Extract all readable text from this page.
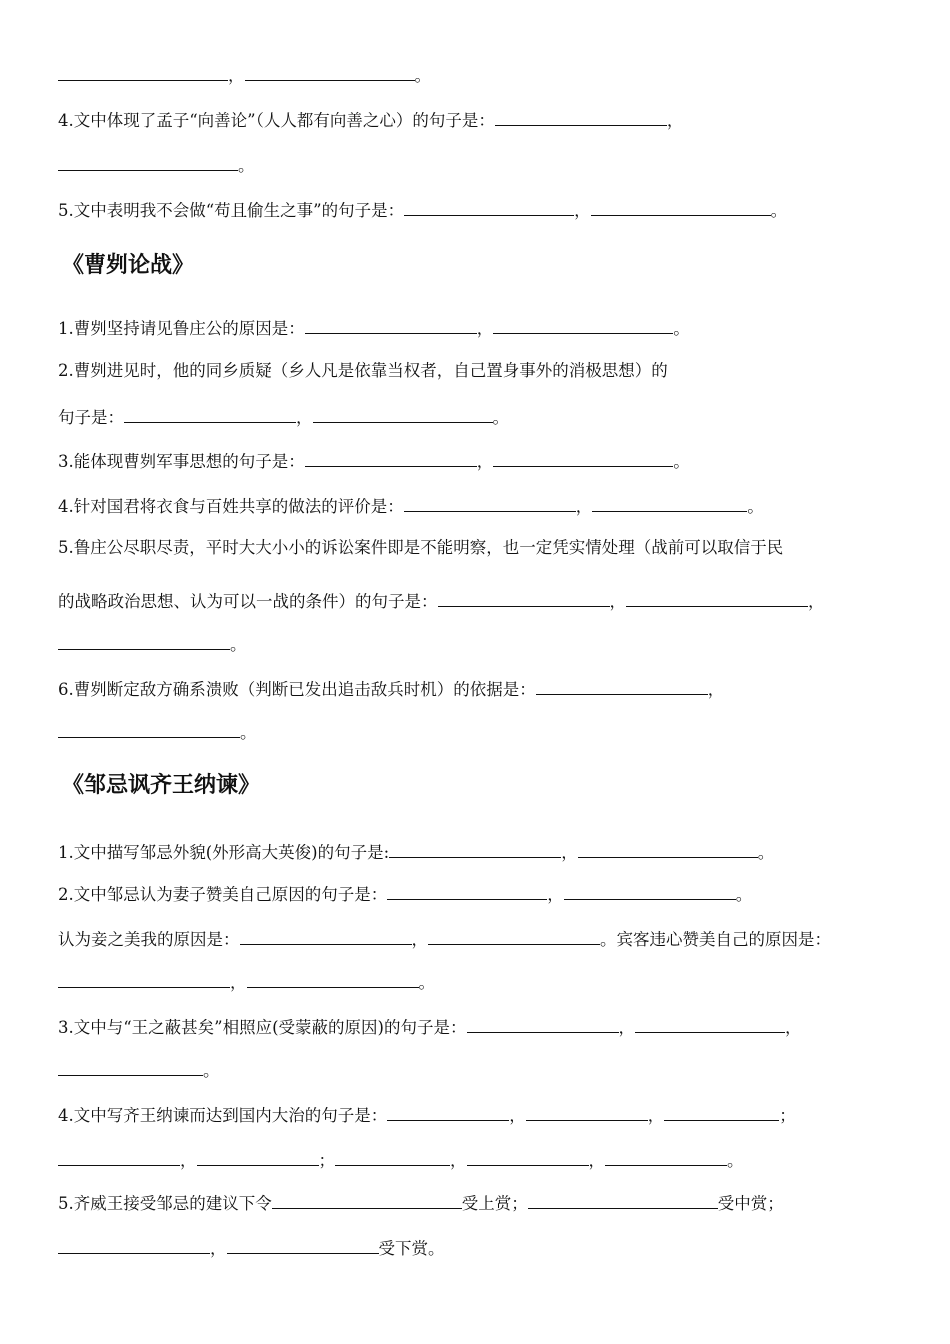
，	。
4.文中体现了孟子“向善论”（人人都有向善之心）的句子是：	，
。
5.文中表明我不会做“苟且偷生之事”的句子是：	，	。
《曹刿论战》
1.曹刿坚持请见鲁庄公的原因是：	，	。
2.曹刿进见时，他的同乡质疑（乡人凡是依靠当权者，自己置身事外的消极思想）的
句子是：	，	。
3.能体现曹刿军事思想的句子是：	，	。
4.针对国君将衣食与百姓共享的做法的评价是：	，	。
5.鲁庄公尽职尽责，平时大大小小的诉讼案件即是不能明察，也一定凭实情处理（战前可以取信于民
的战略政治思想、认为可以一战的条件）的句子是：	，	，
。
6.曹刿断定敌方确系溃败（判断已发出追击敌兵时机）的依据是：	，
。
《邹忌讽齐王纳谏》
1.文中描写邹忌外貌(外形高大英俊)的句子是:	，	。
2.文中邹忌认为妻子赞美自己原因的句子是：	，	。
认为妾之美我的原因是：	，	。宾客违心赞美自己的原因是：
，	。
3.文中与“王之蔽甚矣”相照应(受蒙蔽的原因)的句子是：	，	，
。
4.文中写齐王纳谏而达到国内大治的句子是：	，	，	；
，	；	，	，	。
5.齐威王接受邹忌的建议下令	受上赏；	受中赏；
，	受下赏。
